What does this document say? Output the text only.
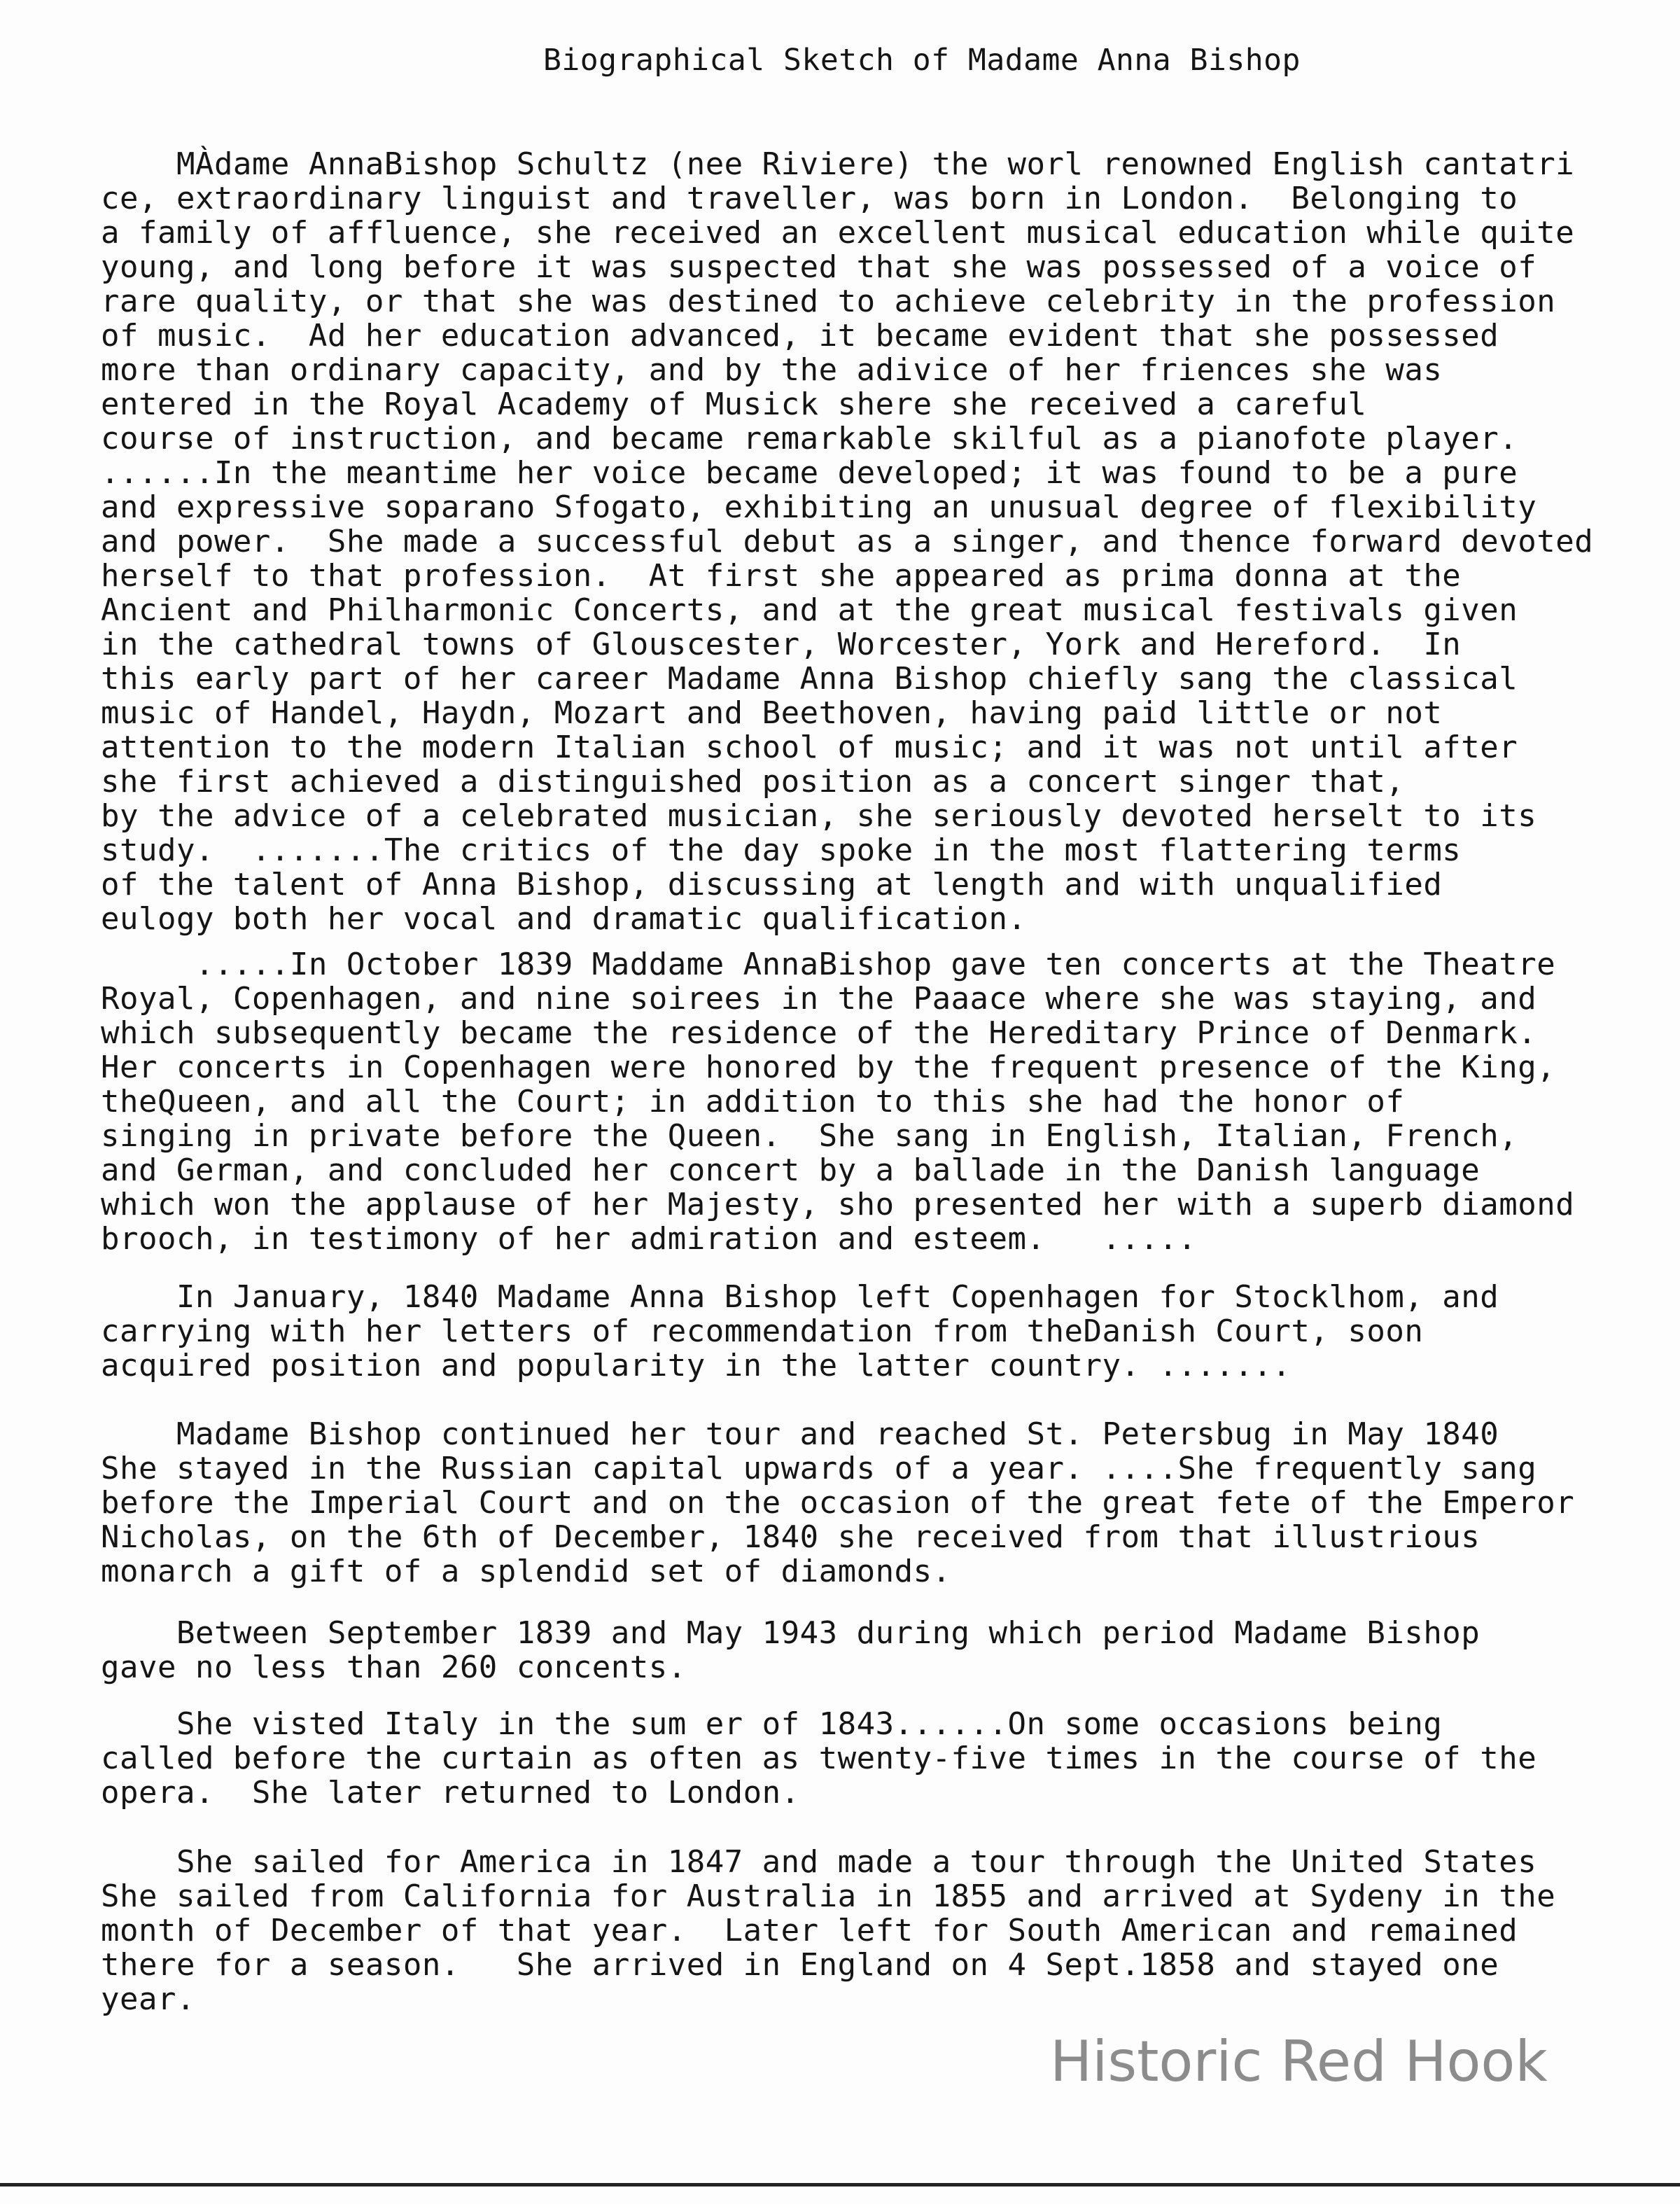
Biographical Sketch of Madame Anna Bishop
MÀdame AnnaBishop Schultz (nee Riviere) the worl renowned English cantatri
ce, extraordinary linguist and traveller, was born in London.  Belonging to
a family of affluence, she received an excellent musical education while quite
young, and long before it was suspected that she was possessed of a voice of
rare quality, or that she was destined to achieve celebrity in the profession
of music.  Ad her education advanced, it became evident that she possessed
more than ordinary capacity, and by the adivice of her friences she was
entered in the Royal Academy of Musick shere she received a careful
course of instruction, and became remarkable skilful as a pianofote player.
......In the meantime her voice became developed; it was found to be a pure
and expressive soparano Sfogato, exhibiting an unusual degree of flexibility
and power.  She made a successful debut as a singer, and thence forward devoted
herself to that profession.  At first she appeared as prima donna at the
Ancient and Philharmonic Concerts, and at the great musical festivals given
in the cathedral towns of Glouscester, Worcester, York and Hereford.  In
this early part of her career Madame Anna Bishop chiefly sang the classical
music of Handel, Haydn, Mozart and Beethoven, having paid little or not
attention to the modern Italian school of music; and it was not until after
she first achieved a distinguished position as a concert singer that,
by the advice of a celebrated musician, she seriously devoted herselt to its
study.  .......The critics of the day spoke in the most flattering terms
of the talent of Anna Bishop, discussing at length and with unqualified
eulogy both her vocal and dramatic qualification.
.....In October 1839 Maddame AnnaBishop gave ten concerts at the Theatre
Royal, Copenhagen, and nine soirees in the Paaace where she was staying, and
which subsequently became the residence of the Hereditary Prince of Denmark.
Her concerts in Copenhagen were honored by the frequent presence of the King,
theQueen, and all the Court; in addition to this she had the honor of
singing in private before the Queen.  She sang in English, Italian, French,
and German, and concluded her concert by a ballade in the Danish language
which won the applause of her Majesty, sho presented her with a superb diamond
brooch, in testimony of her admiration and esteem.   .....
In January, 1840 Madame Anna Bishop left Copenhagen for Stocklhom, and
carrying with her letters of recommendation from theDanish Court, soon
acquired position and popularity in the latter country. .......
Madame Bishop continued her tour and reached St. Petersbug in May 1840
She stayed in the Russian capital upwards of a year. ....She frequently sang
before the Imperial Court and on the occasion of the great fete of the Emperor
Nicholas, on the 6th of December, 1840 she received from that illustrious
monarch a gift of a splendid set of diamonds.
Between September 1839 and May 1943 during which period Madame Bishop
gave no less than 260 concents.
She visted Italy in the sum er of 1843......On some occasions being
called before the curtain as often as twenty-five times in the course of the
opera.  She later returned to London.
She sailed for America in 1847 and made a tour through the United States
She sailed from California for Australia in 1855 and arrived at Sydeny in the
month of December of that year.  Later left for South American and remained
there for a season.   She arrived in England on 4 Sept.1858 and stayed one
year.
Historic Red Hook
